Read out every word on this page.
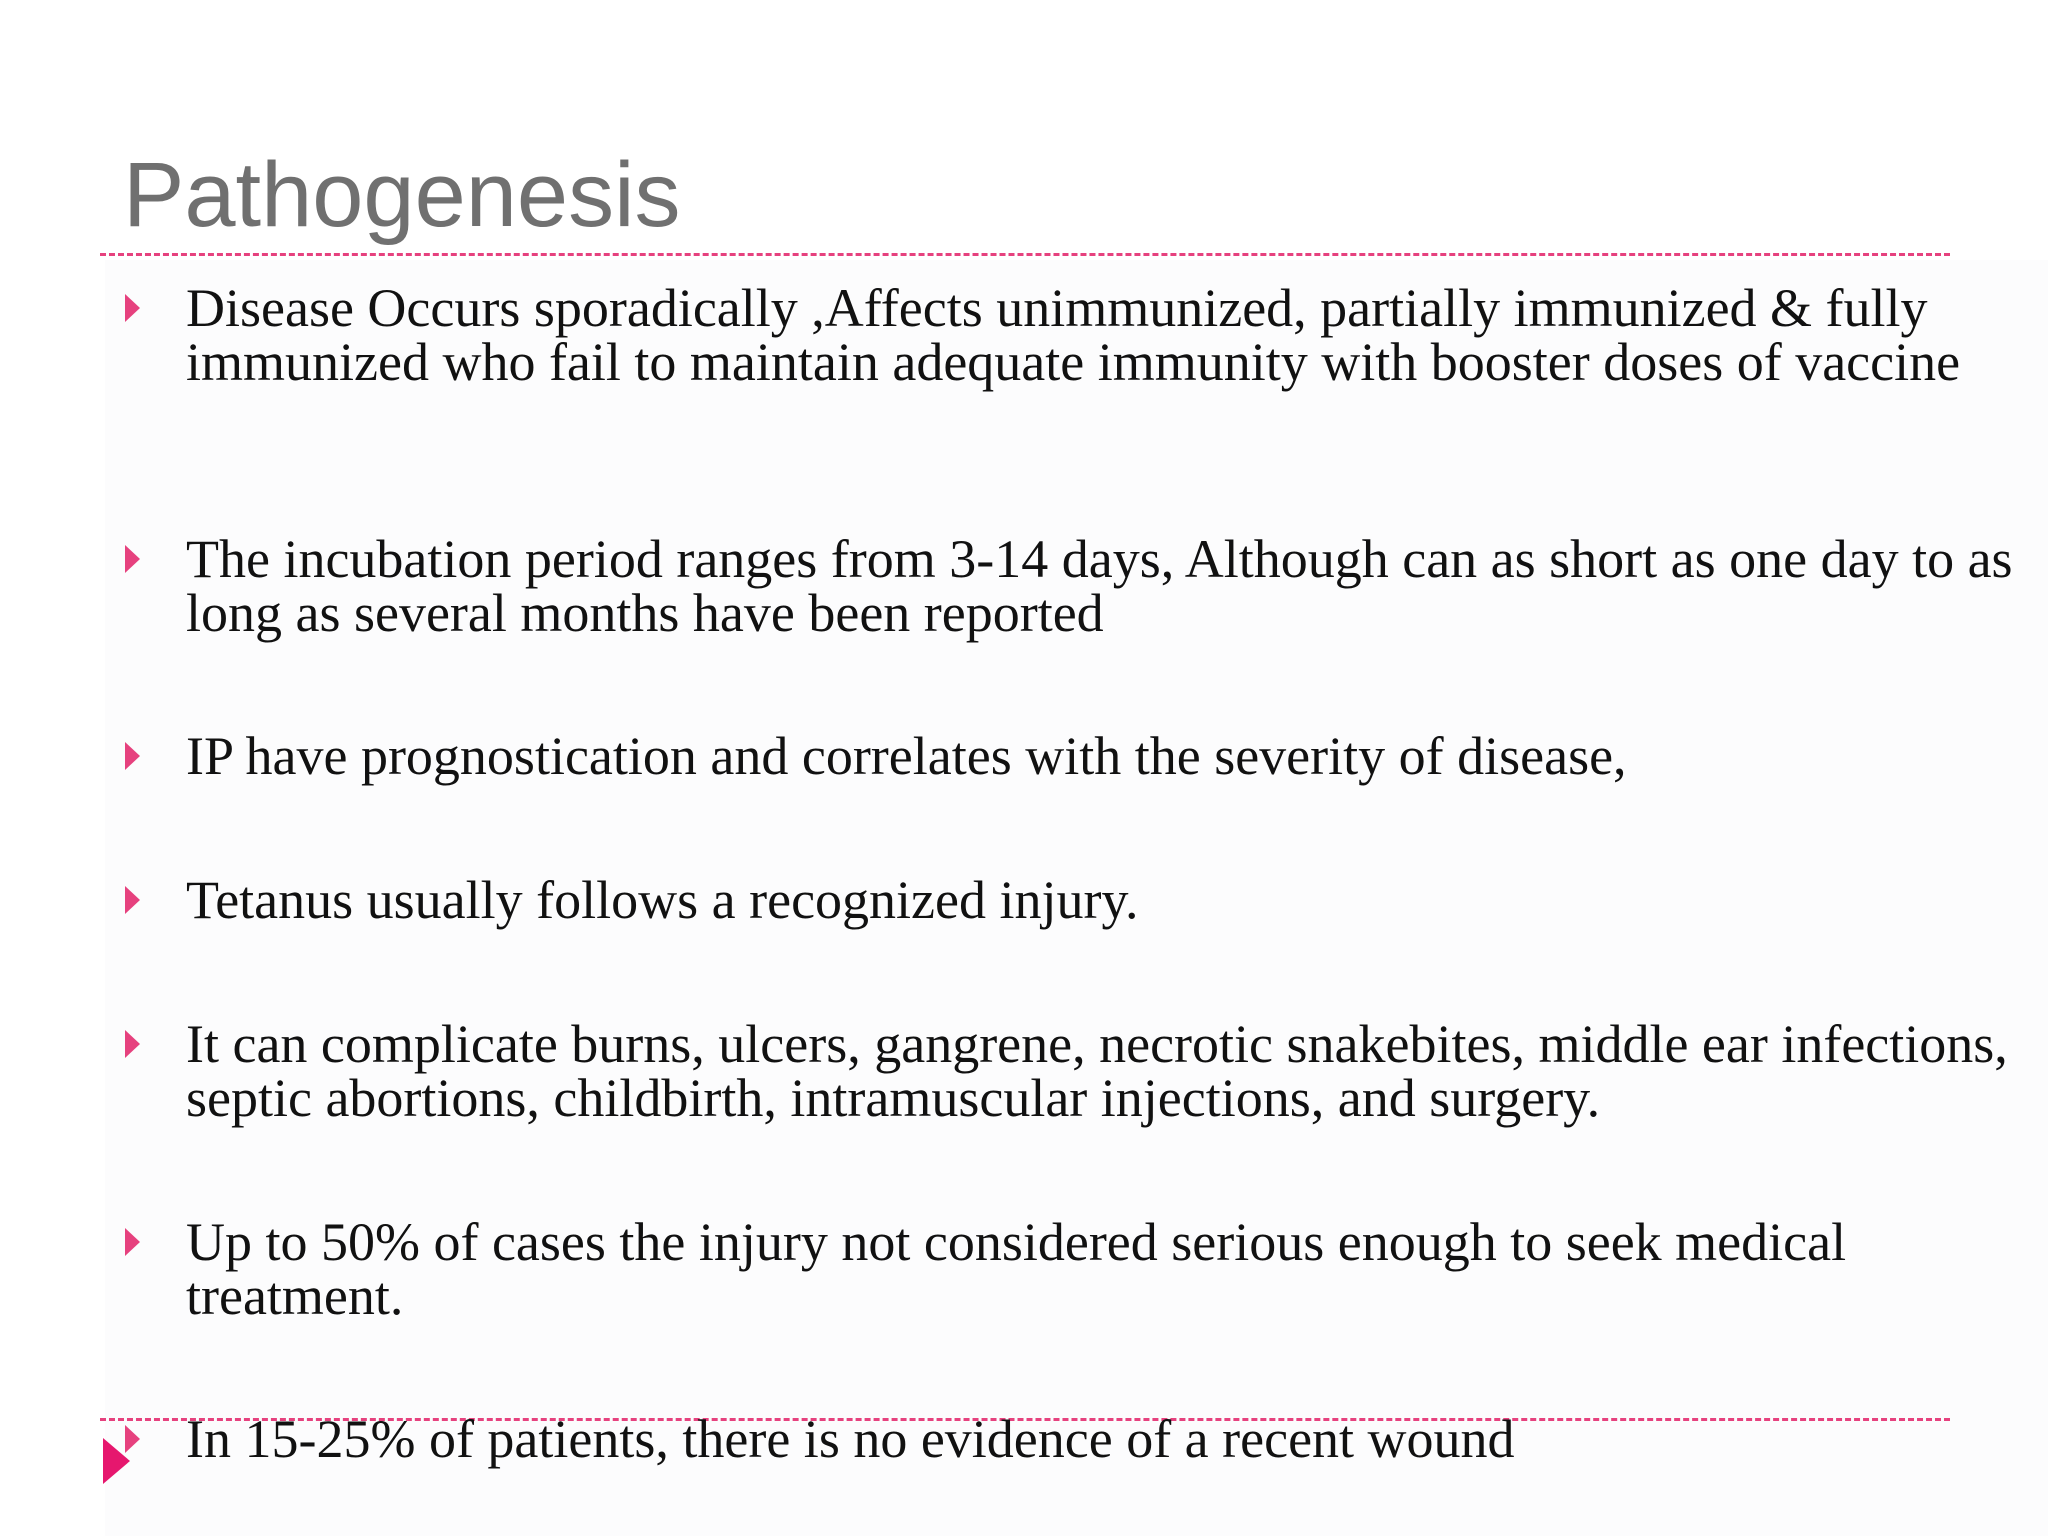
Pathogenesis
Disease Occurs sporadically ,Affects unimmunized, partially immunized & fully immunized who fail to maintain adequate immunity with booster doses of vaccine
The incubation period ranges from 3-14 days, Although can as short as one day to as long as several months have been reported
IP have prognostication and correlates with the severity of disease,
Tetanus usually follows a recognized injury.
It can complicate burns, ulcers, gangrene, necrotic snakebites, middle ear infections, septic abortions, childbirth, intramuscular injections, and surgery.
Up to 50% of cases the injury not considered serious enough to seek medical treatment.
In 15-25% of patients, there is no evidence of a recent wound
